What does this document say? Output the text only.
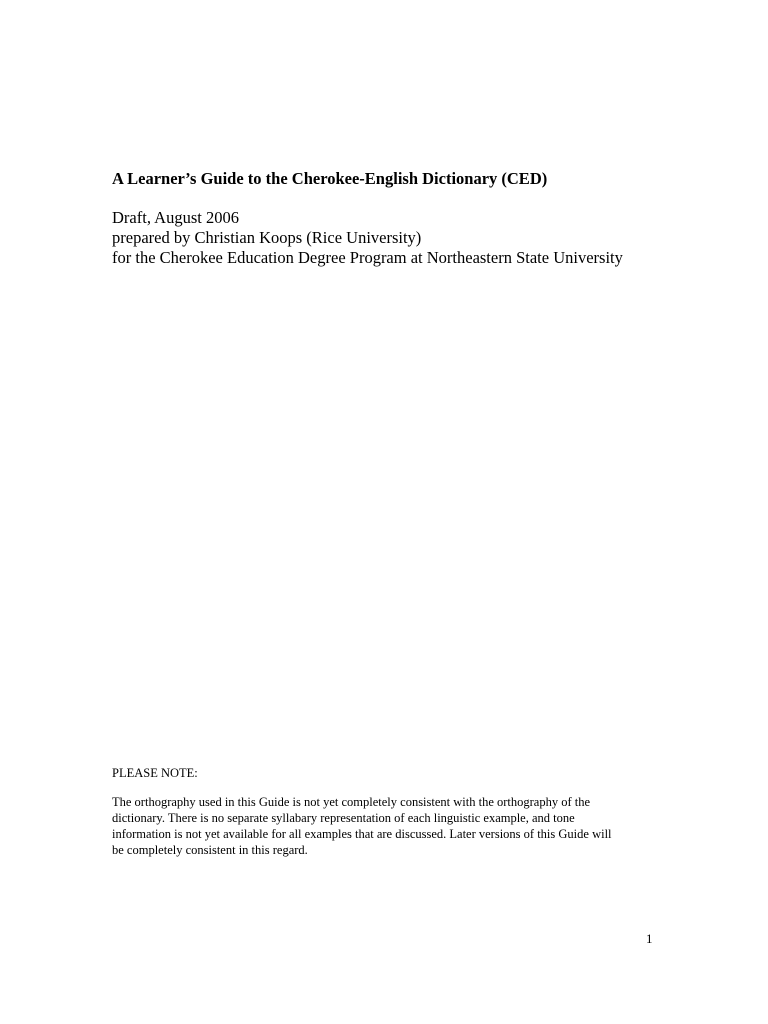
A Learner’s Guide to the Cherokee-English Dictionary (CED)
Draft, August 2006
prepared by Christian Koops (Rice University)
for the Cherokee Education Degree Program at Northeastern State University
PLEASE NOTE:
The orthography used in this Guide is not yet completely consistent with the orthography of the
dictionary. There is no separate syllabary representation of each linguistic example, and tone
information is not yet available for all examples that are discussed. Later versions of this Guide will
be completely consistent in this regard.
1
